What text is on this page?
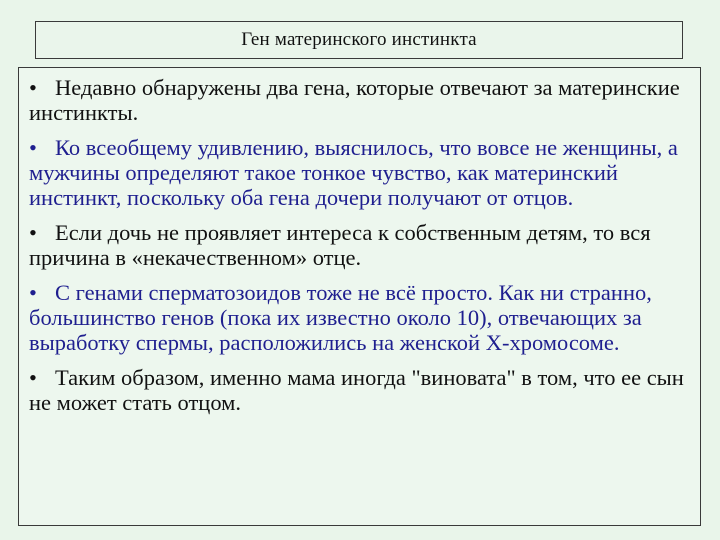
Ген материнского инстинкта
• Недавно обнаружены два гена, которые отвечают за материнские инстинкты.
• Ко всеобщему удивлению, выяснилось, что вовсе не женщины, а мужчины определяют такое тонкое чувство, как материнский инстинкт, поскольку оба гена дочери получают от отцов.
• Если дочь не проявляет интереса к собственным детям, то вся причина в «некачественном» отце.
• С генами сперматозоидов тоже не всё просто. Как ни странно, большинство генов (пока их известно около 10), отвечающих за выработку спермы, расположились на женской Х-хромосоме.
• Таким образом, именно мама иногда "виновата" в том, что ее сын не может стать отцом.
